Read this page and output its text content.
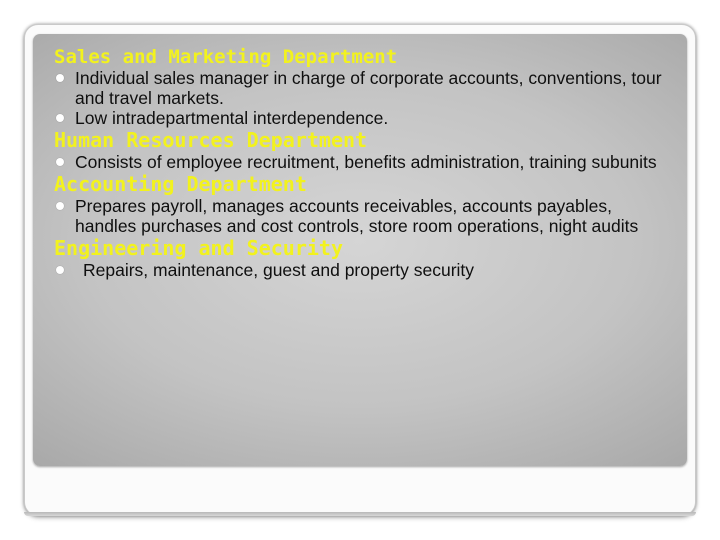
Sales and Marketing Department
Individual sales manager in charge of corporate accounts, conventions, tour and travel markets.
Low intradepartmental interdependence.
Human Resources Department
Consists of employee recruitment, benefits administration, training subunits
Accounting Department
Prepares payroll, manages accounts receivables, accounts payables, handles purchases and cost controls, store room operations, night audits
Engineering and Security
Repairs, maintenance, guest and property security
